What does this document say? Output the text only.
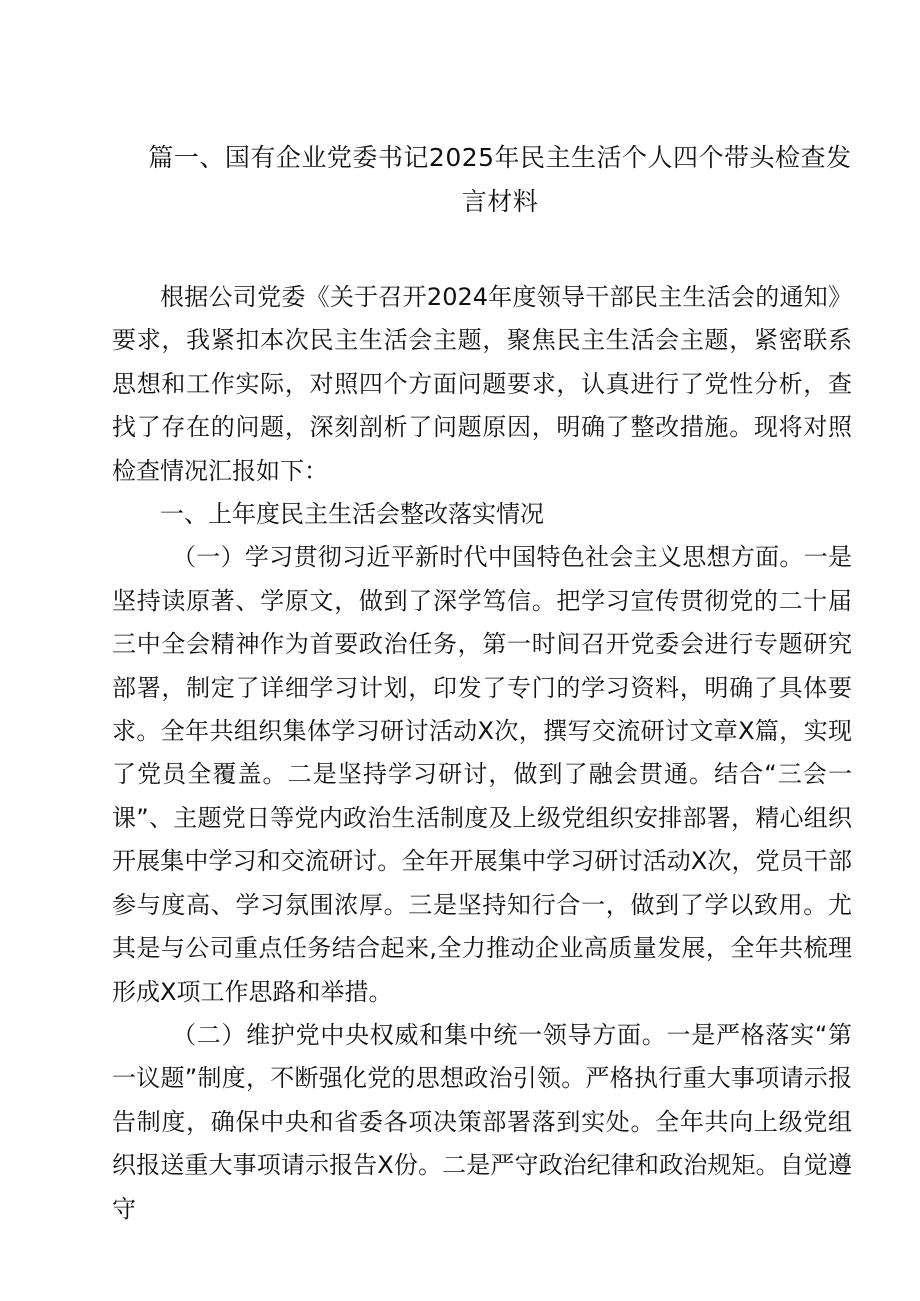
篇一、国有企业党委书记2025年民主生活个人四个带头检查发言材料

根据公司党委《关于召开2024年度领导干部民主生活会的通知》要求，我紧扣本次民主生活会主题，聚焦民主生活会主题，紧密联系思想和工作实际，对照四个方面问题要求，认真进行了党性分析，查找了存在的问题，深刻剖析了问题原因，明确了整改措施。现将对照检查情况汇报如下：

一、上年度民主生活会整改落实情况

（一）学习贯彻习近平新时代中国特色社会主义思想方面。一是坚持读原著、学原文，做到了深学笃信。把学习宣传贯彻党的二十届三中全会精神作为首要政治任务，第一时间召开党委会进行专题研究部署，制定了详细学习计划，印发了专门的学习资料，明确了具体要求。全年共组织集体学习研讨活动X次，撰写交流研讨文章X篇，实现了党员全覆盖。二是坚持学习研讨，做到了融会贯通。结合“三会一课”、主题党日等党内政治生活制度及上级党组织安排部署，精心组织开展集中学习和交流研讨。全年开展集中学习研讨活动X次，党员干部参与度高、学习氛围浓厚。三是坚持知行合一，做到了学以致用。尤其是与公司重点任务结合起来,全力推动企业高质量发展，全年共梳理形成X项工作思路和举措。

（二）维护党中央权威和集中统一领导方面。一是严格落实“第一议题”制度，不断强化党的思想政治引领。严格执行重大事项请示报告制度，确保中央和省委各项决策部署落到实处。全年共向上级党组织报送重大事项请示报告X份。二是严守政治纪律和政治规矩。自觉遵守
